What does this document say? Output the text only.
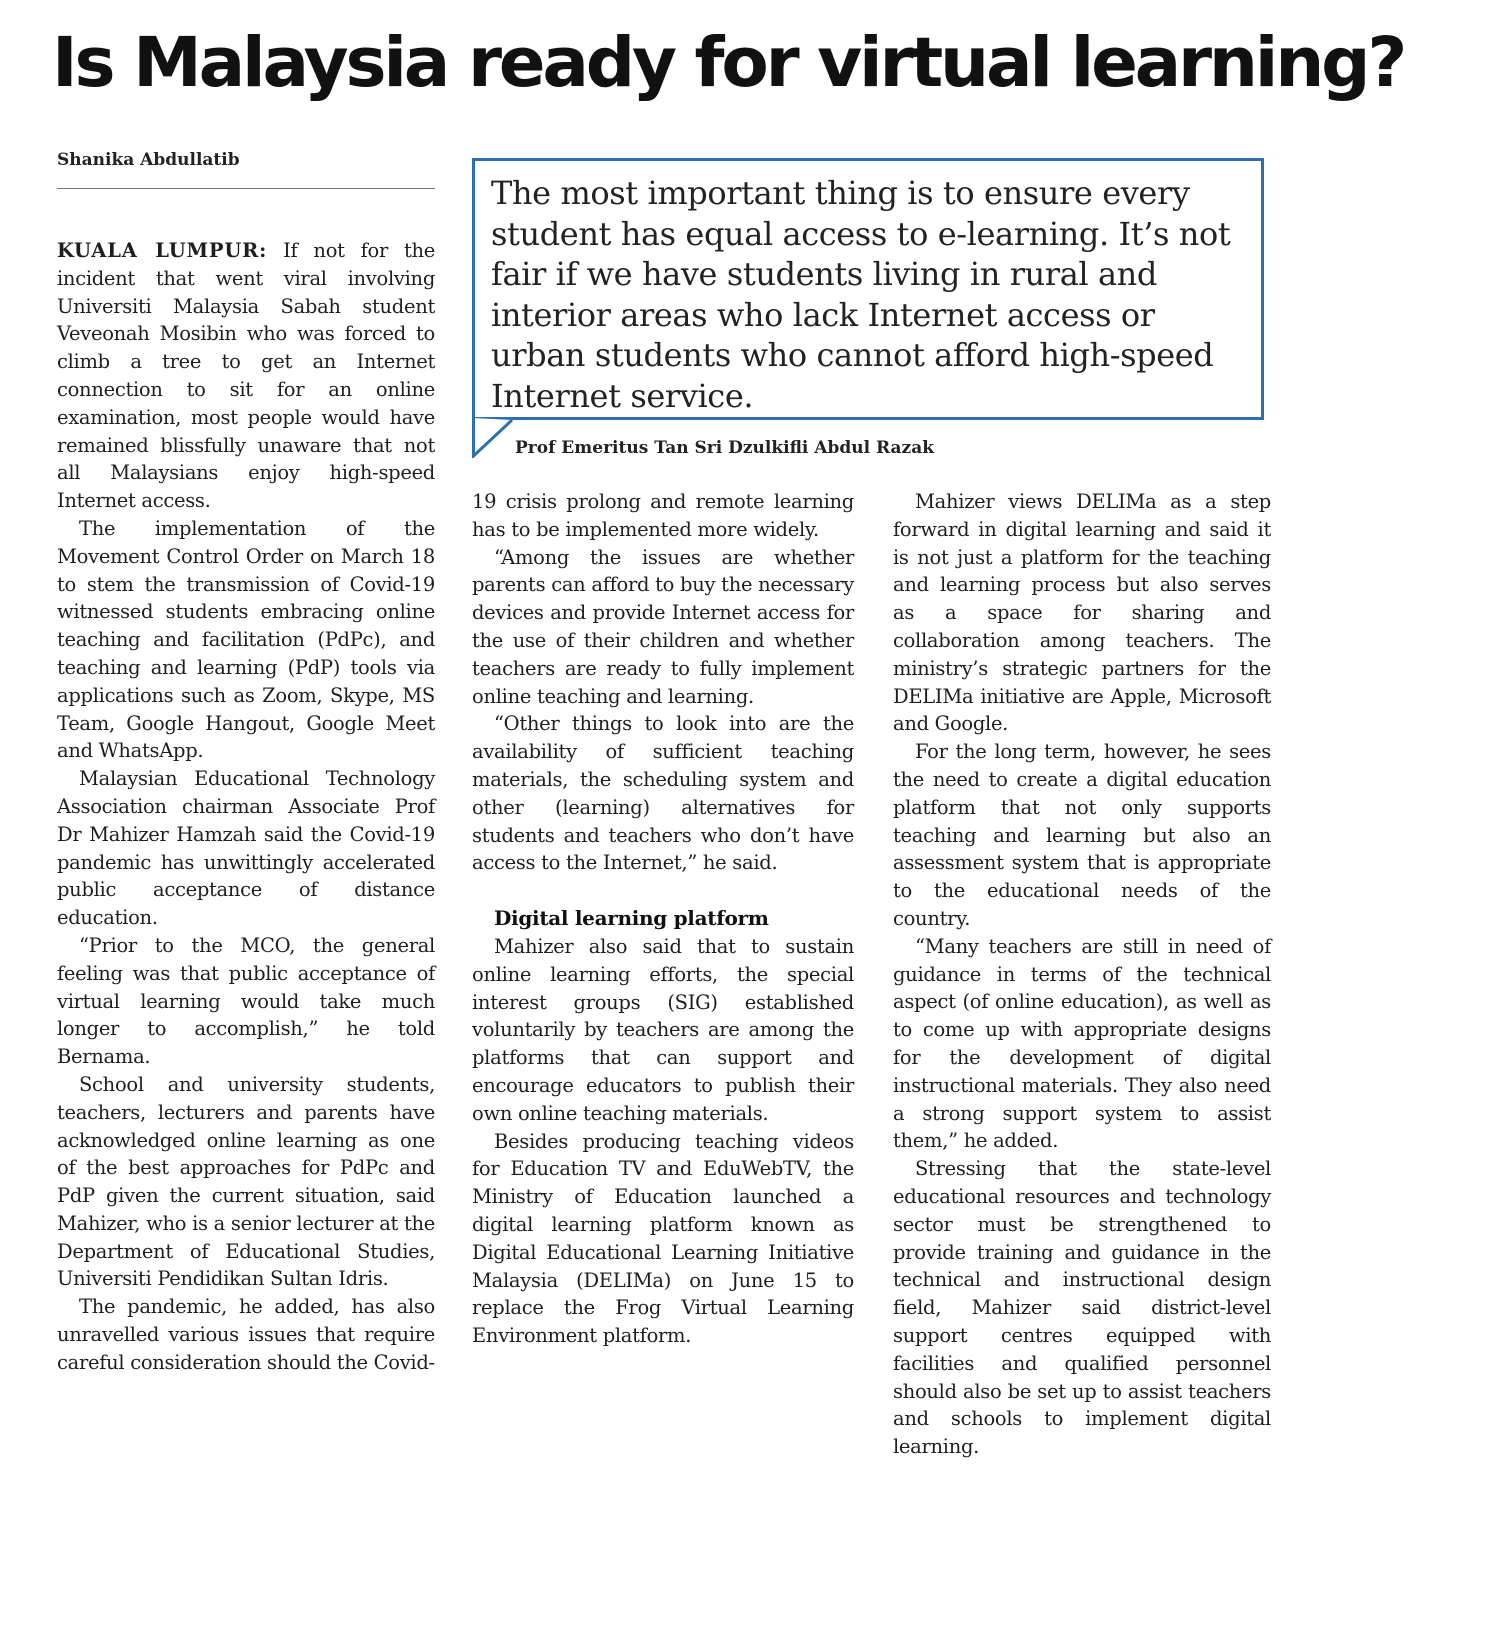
Is Malaysia ready for virtual learning?
Shanika Abdullatib
The most important thing is to ensure every student has equal access to e-learning. It’s not fair if we have students living in rural and interior areas who lack Internet access or urban students who cannot afford high-speed Internet service.
Prof Emeritus Tan Sri Dzulkifli Abdul Razak

KUALA LUMPUR: If not for the incident that went viral involving Universiti Malaysia Sabah student Veveonah Mosibin who was forced to climb a tree to get an Internet connection to sit for an online examination, most people would have remained blissfully unaware that not all Malaysians enjoy high-speed Internet access.

The implementation of the Movement Control Order on March 18 to stem the transmission of Covid-19 witnessed students embracing online teaching and facilitation (PdPc), and teaching and learning (PdP) tools via applications such as Zoom, Skype, MS Team, Google Hangout, Google Meet and WhatsApp.

Malaysian Educational Technology Association chairman Associate Prof Dr Mahizer Hamzah said the Covid-19 pandemic has unwittingly accelerated public acceptance of distance education.

“Prior to the MCO, the general feeling was that public acceptance of virtual learning would take much longer to accomplish,” he told Bernama.

School and university students, teachers, lecturers and parents have acknowledged online learning as one of the best approaches for PdPc and PdP given the current situation, said Mahizer, who is a senior lecturer at the Department of Educational Studies, Universiti Pendidikan Sultan Idris.

The pandemic, he added, has also unravelled various issues that require careful consideration should the Covid-

19 crisis prolong and remote learning has to be implemented more widely.

“Among the issues are whether parents can afford to buy the necessary devices and provide Internet access for the use of their children and whether teachers are ready to fully implement online teaching and learning.

“Other things to look into are the availability of sufficient teaching materials, the scheduling system and other (learning) alternatives for students and teachers who don’t have access to the Internet,” he said.

Digital learning platform

Mahizer also said that to sustain online learning efforts, the special interest groups (SIG) established voluntarily by teachers are among the platforms that can support and encourage educators to publish their own online teaching materials.

Besides producing teaching videos for Education TV and EduWebTV, the Ministry of Education launched a digital learning platform known as Digital Educational Learning Initiative Malaysia (DELIMa) on June 15 to replace the Frog Virtual Learning Environment platform.

Mahizer views DELIMa as a step forward in digital learning and said it is not just a platform for the teaching and learning process but also serves as a space for sharing and collaboration among teachers. The ministry’s strategic partners for the DELIMa initiative are Apple, Microsoft and Google.

For the long term, however, he sees the need to create a digital education platform that not only supports teaching and learning but also an assessment system that is appropriate to the educational needs of the country.

“Many teachers are still in need of guidance in terms of the technical aspect (of online education), as well as to come up with appropriate designs for the development of digital instructional materials. They also need a strong support system to assist them,” he added.

Stressing that the state-level educational resources and technology sector must be strengthened to provide training and guidance in the technical and instructional design field, Mahizer said district-level support centres equipped with facilities and qualified personnel should also be set up to assist teachers and schools to implement digital learning.
